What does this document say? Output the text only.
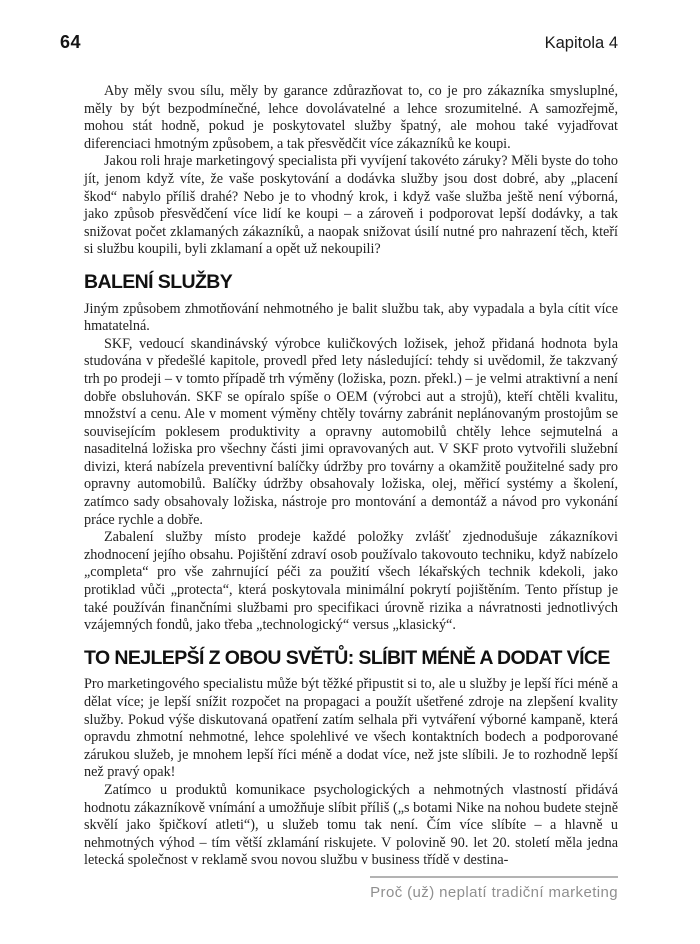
64	Kapitola 4

Aby měly svou sílu, měly by garance zdůrazňovat to, co je pro zákazníka smysluplné, měly by být bezpodmínečné, lehce dovolávatelné a lehce srozumitelné. A samozřejmě, mohou stát hodně, pokud je poskytovatel služby špatný, ale mohou také vyjadřovat diferenciaci hmotným způsobem, a tak přesvědčit více zákazníků ke koupi.

Jakou roli hraje marketingový specialista při vyvíjení takovéto záruky? Měli byste do toho jít, jenom když víte, že vaše poskytování a dodávka služby jsou dost dobré, aby „placení škod“ nabylo příliš drahé? Nebo je to vhodný krok, i když vaše služba ještě není výborná, jako způsob přesvědčení více lidí ke koupi – a zároveň i podporovat lepší dodávky, a tak snižovat počet zklamaných zákazníků, a naopak snižovat úsilí nutné pro nahrazení těch, kteří si službu koupili, byli zklamaní a opět už nekoupili?

BALENÍ SLUŽBY

Jiným způsobem zhmotňování nehmotného je balit službu tak, aby vypadala a byla cítit více hmatatelná.

SKF, vedoucí skandinávský výrobce kuličkových ložisek, jehož přidaná hodnota byla studována v předešlé kapitole, provedl před lety následující: tehdy si uvědomil, že takzvaný trh po prodeji – v tomto případě trh výměny (ložiska, pozn. překl.) – je velmi atraktivní a není dobře obsluhován. SKF se opíralo spíše o OEM (výrobci aut a strojů), kteří chtěli kvalitu, množství a cenu. Ale v moment výměny chtěly továrny zabránit neplánovaným prostojům se souvisejícím poklesem produktivity a opravny automobilů chtěly lehce sejmutelná a nasaditelná ložiska pro všechny části jimi opravovaných aut. V SKF proto vytvořili služební divizi, která nabízela preventivní balíčky údržby pro továrny a okamžitě použitelné sady pro opravny automobilů. Balíčky údržby obsahovaly ložiska, olej, měřicí systémy a školení, zatímco sady obsahovaly ložiska, nástroje pro montování a demontáž a návod pro vykonání práce rychle a dobře.

Zabalení služby místo prodeje každé položky zvlášť zjednodušuje zákazníkovi zhodnocení jejího obsahu. Pojištění zdraví osob používalo takovouto techniku, když nabízelo „completa“ pro vše zahrnující péči za použití všech lékařských technik kdekoli, jako protiklad vůči „protecta“, která poskytovala minimální pokrytí pojištěním. Tento přístup je také používán finančními službami pro specifikaci úrovně rizika a návratnosti jednotlivých vzájemných fondů, jako třeba „technologický“ versus „klasický“.

TO NEJLEPŠÍ Z OBOU SVĚTŮ: SLÍBIT MÉNĚ A DODAT VÍCE

Pro marketingového specialistu může být těžké připustit si to, ale u služby je lepší říci méně a dělat více; je lepší snížit rozpočet na propagaci a použít ušetřené zdroje na zlepšení kvality služby. Pokud výše diskutovaná opatření zatím selhala při vytváření výborné kampaně, která opravdu zhmotní nehmotné, lehce spolehlivé ve všech kontaktních bodech a podporované zárukou služeb, je mnohem lepší říci méně a dodat více, než jste slíbili. Je to rozhodně lepší než pravý opak!

Zatímco u produktů komunikace psychologických a nehmotných vlastností přidává hodnotu zákazníkově vnímání a umožňuje slíbit příliš („s botami Nike na nohou budete stejně skvělí jako špičkoví atleti“), u služeb tomu tak není. Čím více slíbíte – a hlavně u nehmotných výhod – tím větší zklamání riskujete. V polovině 90. let 20. století měla jedna letecká společnost v reklamě svou novou službu v business třídě v destina-

Proč (už) neplatí tradiční marketing
